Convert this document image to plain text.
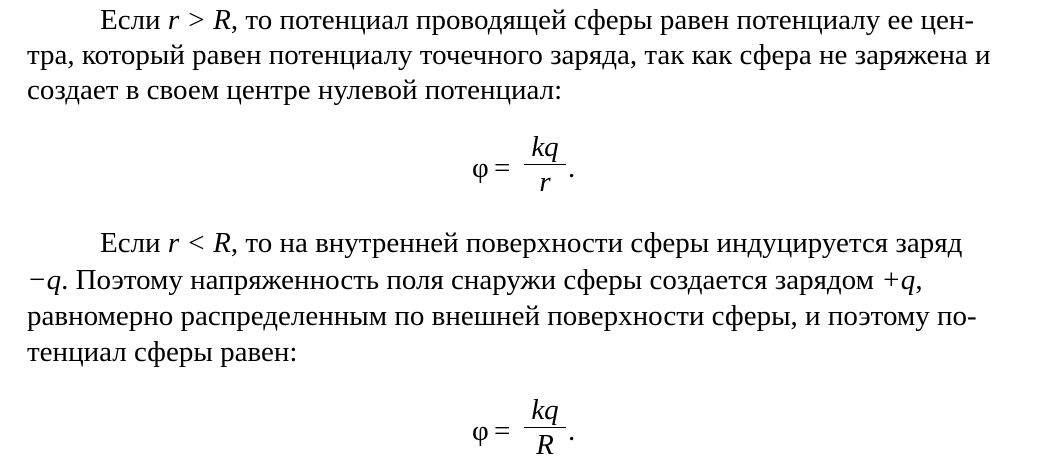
Если r > R, то потенциал проводящей сферы равен потенциалу ее цен-
тра, который равен потенциалу точечного заряда, так как сфера не заряжена и
создает в своем центре нулевой потенциал:
φ =
kq
r .
Если r < R, то на внутренней поверхности сферы индуцируется заряд
−q. Поэтому напряженность поля снаружи сферы создается зарядом +q,
равномерно распределенным по внешней поверхности сферы, и поэтому по-
тенциал сферы равен:
φ =
kq
R .
